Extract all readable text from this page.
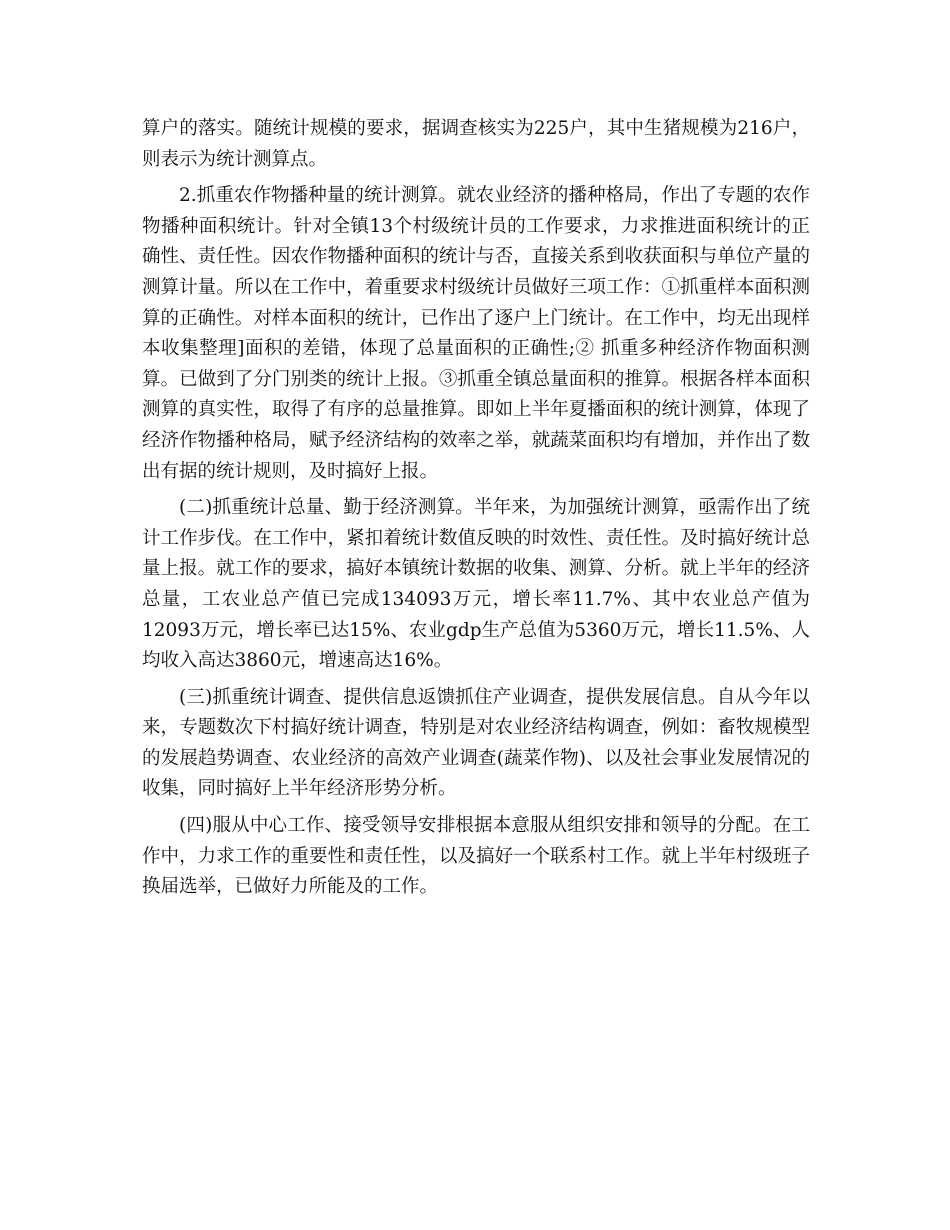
算户的落实。随统计规模的要求，据调查核实为225户，其中生猪规模为216户，则表示为统计测算点。

2.抓重农作物播种量的统计测算。就农业经济的播种格局，作出了专题的农作物播种面积统计。针对全镇13个村级统计员的工作要求，力求推进面积统计的正确性、责任性。因农作物播种面积的统计与否，直接关系到收获面积与单位产量的测算计量。所以在工作中，着重要求村级统计员做好三项工作：①抓重样本面积测算的正确性。对样本面积的统计，已作出了逐户上门统计。在工作中，均无出现样本收集整理]面积的差错，体现了总量面积的正确性;② 抓重多种经济作物面积测算。已做到了分门别类的统计上报。③抓重全镇总量面积的推算。根据各样本面积测算的真实性，取得了有序的总量推算。即如上半年夏播面积的统计测算，体现了经济作物播种格局，赋予经济结构的效率之举，就蔬菜面积均有增加，并作出了数出有据的统计规则，及时搞好上报。

(二)抓重统计总量、勤于经济测算。半年来，为加强统计测算，亟需作出了统计工作步伐。在工作中，紧扣着统计数值反映的时效性、责任性。及时搞好统计总量上报。就工作的要求，搞好本镇统计数据的收集、测算、分析。就上半年的经济总量，工农业总产值已完成134093万元，增长率11.7%、其中农业总产值为12093万元，增长率已达15%、农业gdp生产总值为5360万元，增长11.5%、人均收入高达3860元，增速高达16%。

(三)抓重统计调查、提供信息返馈抓住产业调查，提供发展信息。自从今年以来，专题数次下村搞好统计调查，特别是对农业经济结构调查，例如：畜牧规模型的发展趋势调查、农业经济的高效产业调查(蔬菜作物)、以及社会事业发展情况的收集，同时搞好上半年经济形势分析。

(四)服从中心工作、接受领导安排根据本意服从组织安排和领导的分配。在工作中，力求工作的重要性和责任性，以及搞好一个联系村工作。就上半年村级班子换届选举，已做好力所能及的工作。
